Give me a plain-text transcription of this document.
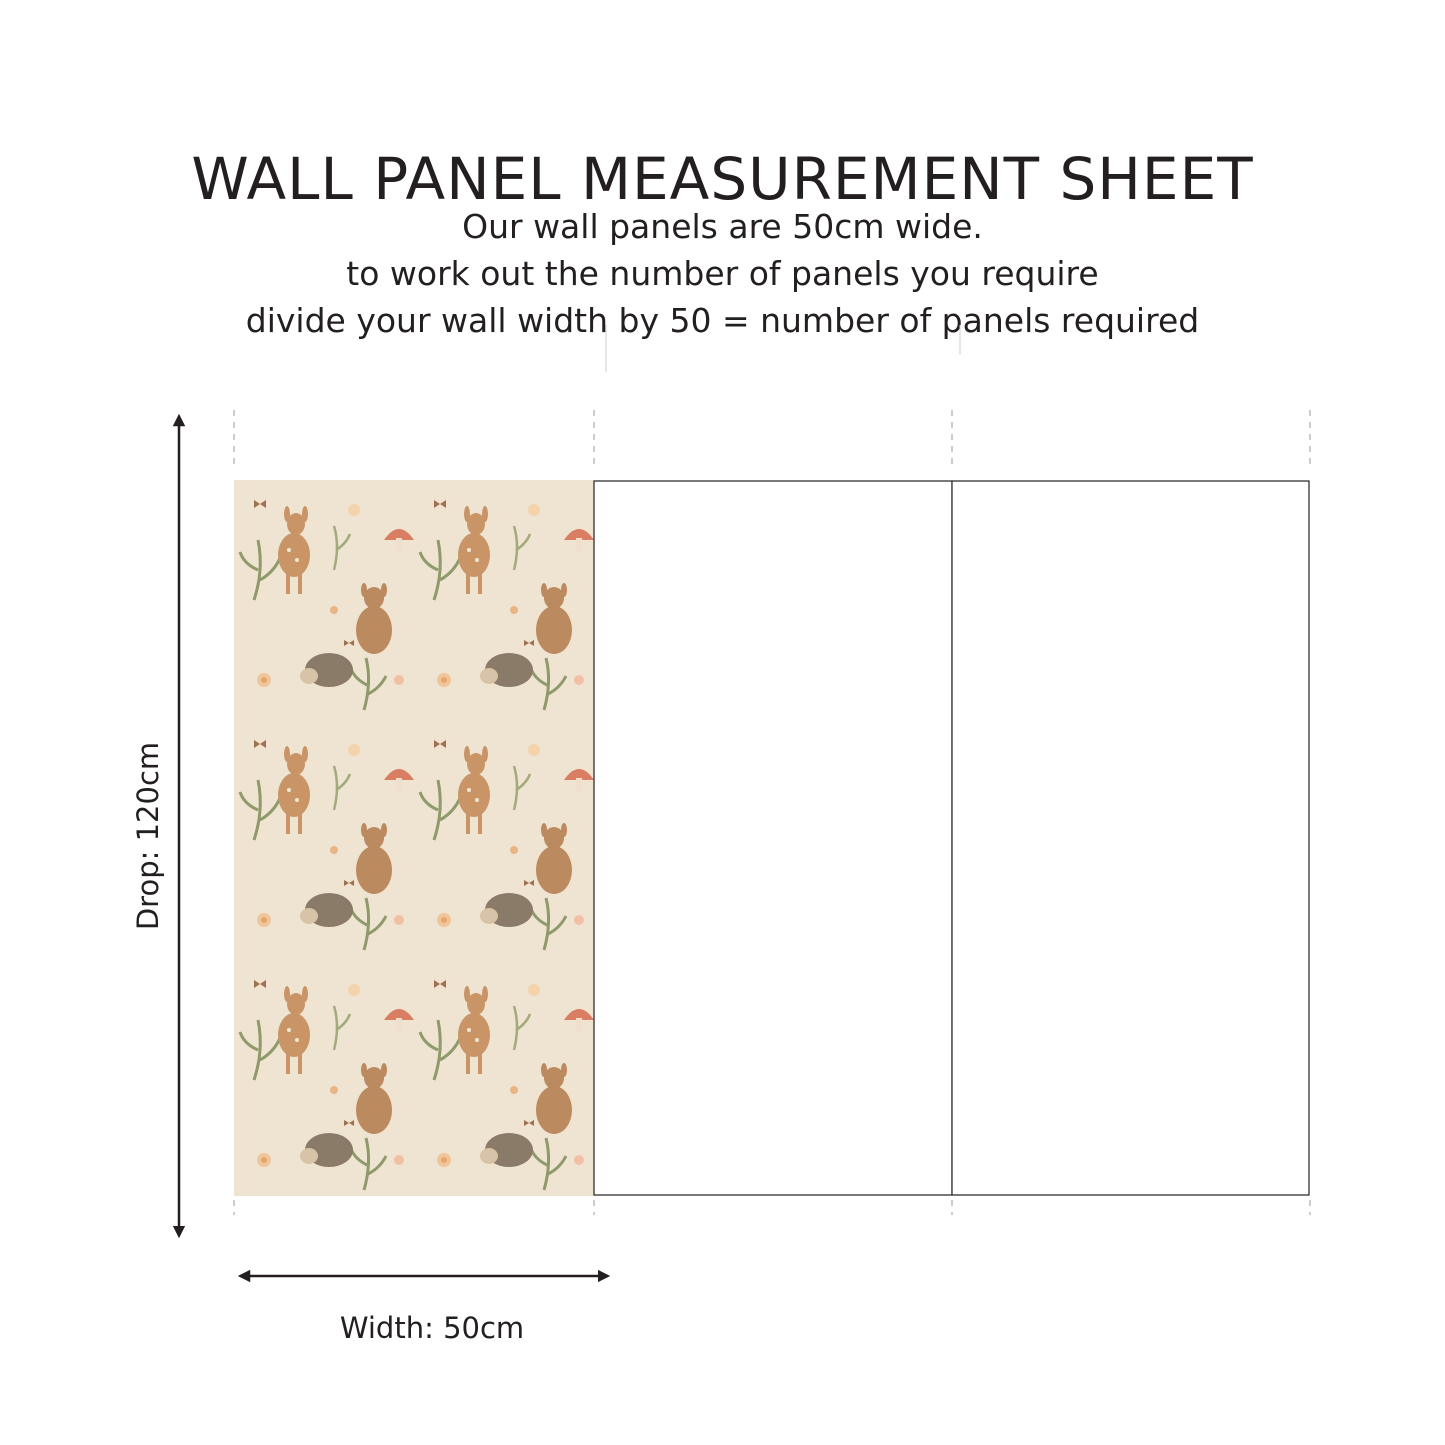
WALL PANEL MEASUREMENT SHEET
Our wall panels are 50cm wide.
to work out the number of panels you require
divide your wall width by 50 = number of panels required
Drop: 120cm
Width: 50cm
